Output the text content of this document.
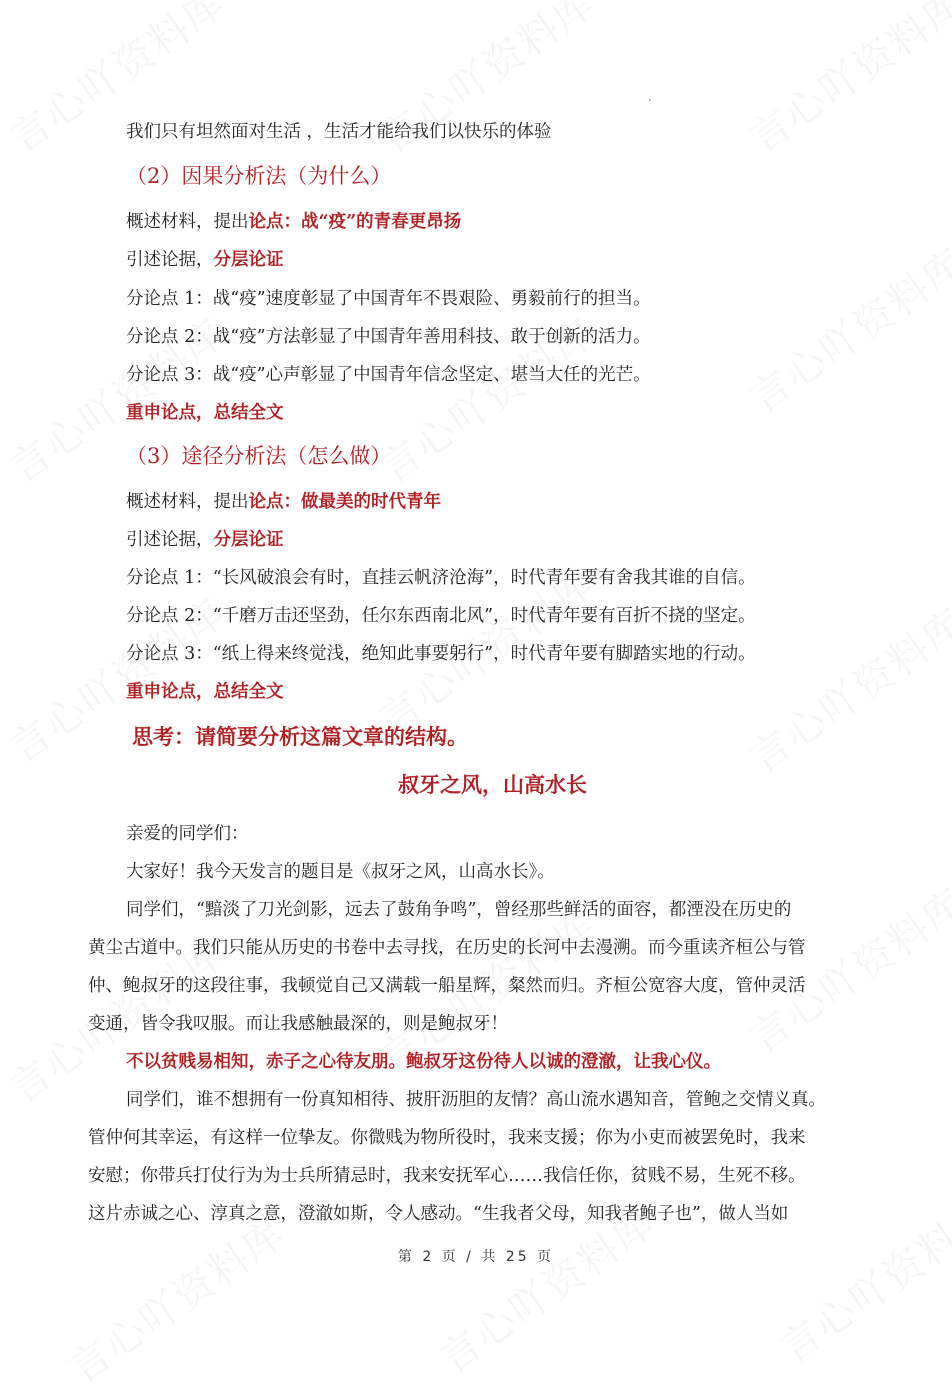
我们只有坦然面对生活 ，生活才能给我们以快乐的体验
（2）因果分析法（为什么）
概述材料，提出论点：战“疫”的青春更昂扬
引述论据，分层论证
分论点 1：战“疫”速度彰显了中国青年不畏艰险、勇毅前行的担当。
分论点 2：战“疫”方法彰显了中国青年善用科技、敢于创新的活力。
分论点 3：战“疫”心声彰显了中国青年信念坚定、堪当大任的光芒。
重申论点，总结全文
（3）途径分析法（怎么做）
概述材料，提出论点：做最美的时代青年
引述论据，分层论证
分论点 1：“长风破浪会有时，直挂云帆济沧海”，时代青年要有舍我其谁的自信。
分论点 2：“千磨万击还坚劲，任尔东西南北风”，时代青年要有百折不挠的坚定。
分论点 3：“纸上得来终觉浅，绝知此事要躬行”，时代青年要有脚踏实地的行动。
重申论点，总结全文
思考：请简要分析这篇文章的结构。
叔牙之风，山高水长
亲爱的同学们：
大家好！我今天发言的题目是《叔牙之风，山高水长》。
同学们，“黯淡了刀光剑影，远去了鼓角争鸣”，曾经那些鲜活的面容，都湮没在历史的
黄尘古道中。我们只能从历史的书卷中去寻找，在历史的长河中去漫溯。而今重读齐桓公与管
仲、鲍叔牙的这段往事，我顿觉自己又满载一船星辉，粲然而归。齐桓公宽容大度，管仲灵活
变通，皆令我叹服。而让我感触最深的，则是鲍叔牙！
不以贫贱易相知，赤子之心待友朋。鲍叔牙这份待人以诚的澄澈，让我心仪。
同学们，谁不想拥有一份真知相待、披肝沥胆的友情？高山流水遇知音，管鲍之交情义真。
管仲何其幸运，有这样一位挚友。你微贱为物所役时，我来支援；你为小吏而被罢免时，我来
安慰；你带兵打仗行为为士兵所猜忌时，我来安抚军心……我信任你，贫贱不易，生死不移。
这片赤诚之心、淳真之意，澄澈如斯，令人感动。“生我者父母，知我者鲍子也”，做人当如
第 2 页 / 共 25 页
